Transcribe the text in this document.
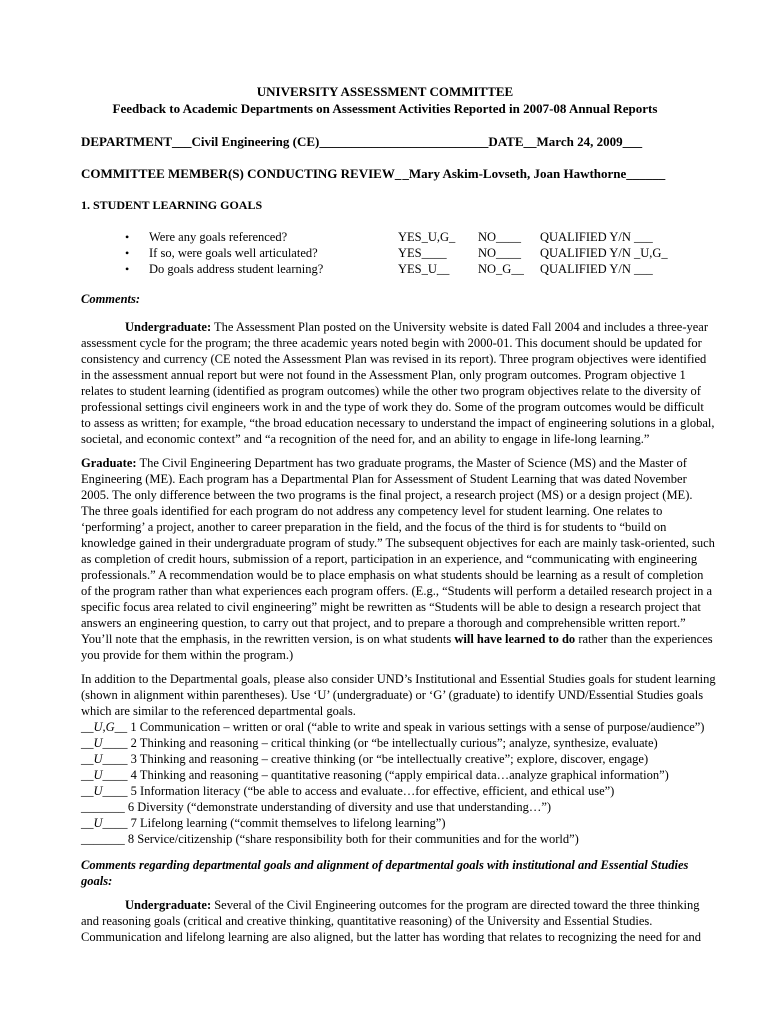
UNIVERSITY ASSESSMENT COMMITTEE
Feedback to Academic Departments on Assessment Activities Reported in 2007-08 Annual Reports
DEPARTMENT___Civil Engineering (CE)__________________________DATE__March 24, 2009___
COMMITTEE MEMBER(S) CONDUCTING REVIEW_ _Mary Askim-Lovseth, Joan Hawthorne______
1. STUDENT LEARNING GOALS
• Were any goals referenced?	YES_U,G_ NO____ QUALIFIED Y/N ___
• If so, were goals well articulated?	YES____	NO____ QUALIFIED Y/N _U,G_
• Do goals address student learning?	YES_U__ NO_G__ QUALIFIED Y/N ___
Comments:
Undergraduate: The Assessment Plan posted on the University website is dated Fall 2004 and includes a three-year
assessment cycle for the program; the three academic years noted begin with 2000-01. This document should be updated for
consistency and currency (CE noted the Assessment Plan was revised in its report). Three program objectives were identified
in the assessment annual report but were not found in the Assessment Plan, only program outcomes. Program objective 1
relates to student learning (identified as program outcomes) while the other two program objectives relate to the diversity of
professional settings civil engineers work in and the type of work they do. Some of the program outcomes would be difficult
to assess as written; for example, “the broad education necessary to understand the impact of engineering solutions in a global,
societal, and economic context” and “a recognition of the need for, and an ability to engage in life-long learning.”
Graduate: The Civil Engineering Department has two graduate programs, the Master of Science (MS) and the Master of
Engineering (ME). Each program has a Departmental Plan for Assessment of Student Learning that was dated November
2005. The only difference between the two programs is the final project, a research project (MS) or a design project (ME).
The three goals identified for each program do not address any competency level for student learning. One relates to
‘performing’ a project, another to career preparation in the field, and the focus of the third is for students to “build on
knowledge gained in their undergraduate program of study.” The subsequent objectives for each are mainly task-oriented, such
as completion of credit hours, submission of a report, participation in an experience, and “communicating with engineering
professionals.” A recommendation would be to place emphasis on what students should be learning as a result of completion
of the program rather than what experiences each program offers. (E.g., “Students will perform a detailed research project in a
specific focus area related to civil engineering” might be rewritten as “Students will be able to design a research project that
answers an engineering question, to carry out that project, and to prepare a thorough and comprehensible written report.”
You’ll note that the emphasis, in the rewritten version, is on what students will have learned to do rather than the experiences
you provide for them within the program.)
In addition to the Departmental goals, please also consider UND’s Institutional and Essential Studies goals for student learning
(shown in alignment within parentheses). Use ‘U’ (undergraduate) or ‘G’ (graduate) to identify UND/Essential Studies goals
which are similar to the referenced departmental goals.
__U,G__ 1 Communication – written or oral (“able to write and speak in various settings with a sense of purpose/audience”)
__U____ 2 Thinking and reasoning – critical thinking (or “be intellectually curious”; analyze, synthesize, evaluate)
__U____ 3 Thinking and reasoning – creative thinking (or “be intellectually creative”; explore, discover, engage)
__U____ 4 Thinking and reasoning – quantitative reasoning (“apply empirical data…analyze graphical information”)
__U____ 5 Information literacy (“be able to access and evaluate…for effective, efficient, and ethical use”)
_______ 6 Diversity (“demonstrate understanding of diversity and use that understanding…”)
__U____ 7 Lifelong learning (“commit themselves to lifelong learning”)
_______ 8 Service/citizenship (“share responsibility both for their communities and for the world”)
Comments regarding departmental goals and alignment of departmental goals with institutional and Essential Studies
goals:
Undergraduate: Several of the Civil Engineering outcomes for the program are directed toward the three thinking
and reasoning goals (critical and creative thinking, quantitative reasoning) of the University and Essential Studies.
Communication and lifelong learning are also aligned, but the latter has wording that relates to recognizing the need for and
